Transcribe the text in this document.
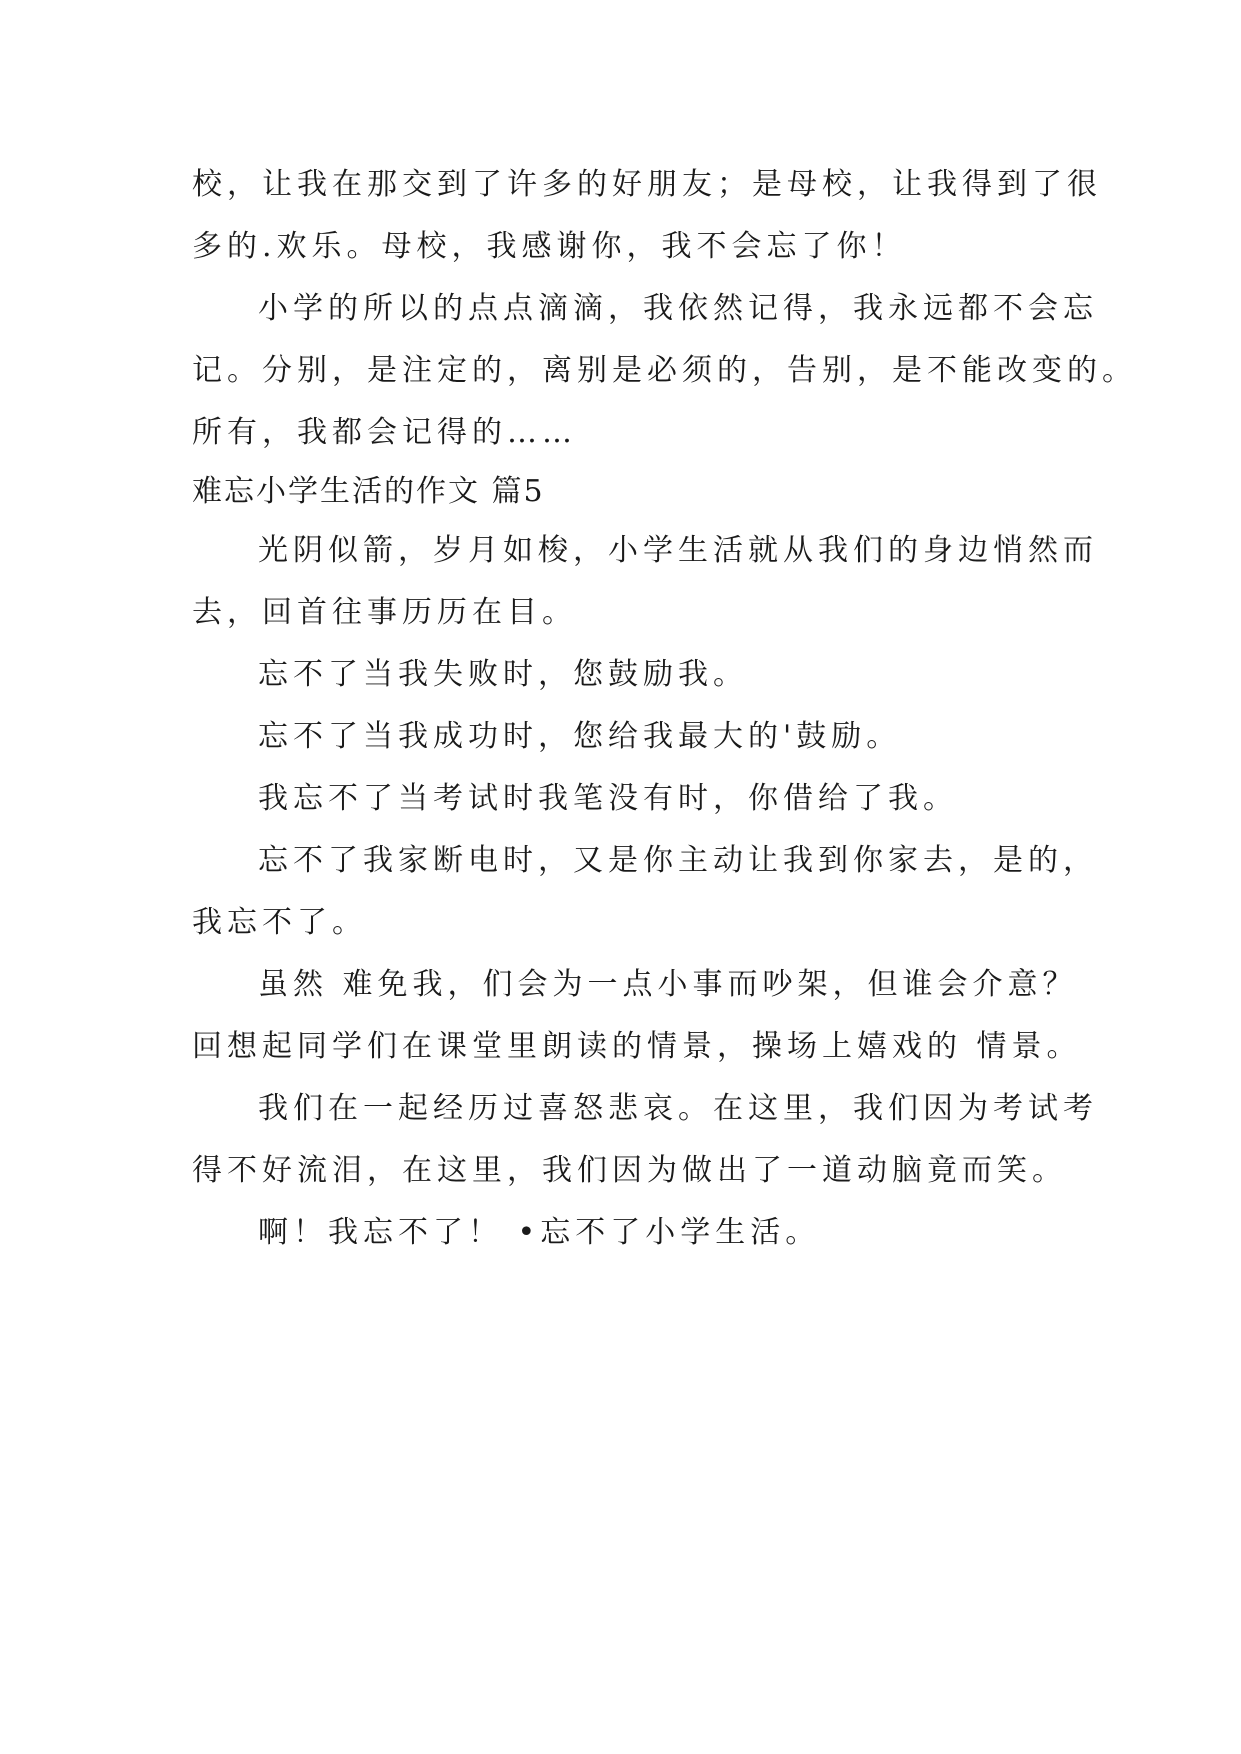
校，让我在那交到了许多的好朋友；是母校，让我得到了很
多的.欢乐。母校，我感谢你，我不会忘了你！
小学的所以的点点滴滴，我依然记得，我永远都不会忘
记。分别，是注定的，离别是必须的，告别，是不能改变的。
所有，我都会记得的……
难忘小学生活的作文 篇5
光阴似箭，岁月如梭，小学生活就从我们的身边悄然而
去，回首往事历历在目。
忘不了当我失败时，您鼓励我。
忘不了当我成功时，您给我最大的'鼓励。
我忘不了当考试时我笔没有时，你借给了我。
忘不了我家断电时，又是你主动让我到你家去，是的，
我忘不了。
虽然 难免我，们会为一点小事而吵架，但谁会介意？
回想起同学们在课堂里朗读的情景，操场上嬉戏的 情景。
我们在一起经历过喜怒悲哀。在这里，我们因为考试考
得不好流泪，在这里，我们因为做出了一道动脑竟而笑。
啊！我忘不了！ •忘不了小学生活。
